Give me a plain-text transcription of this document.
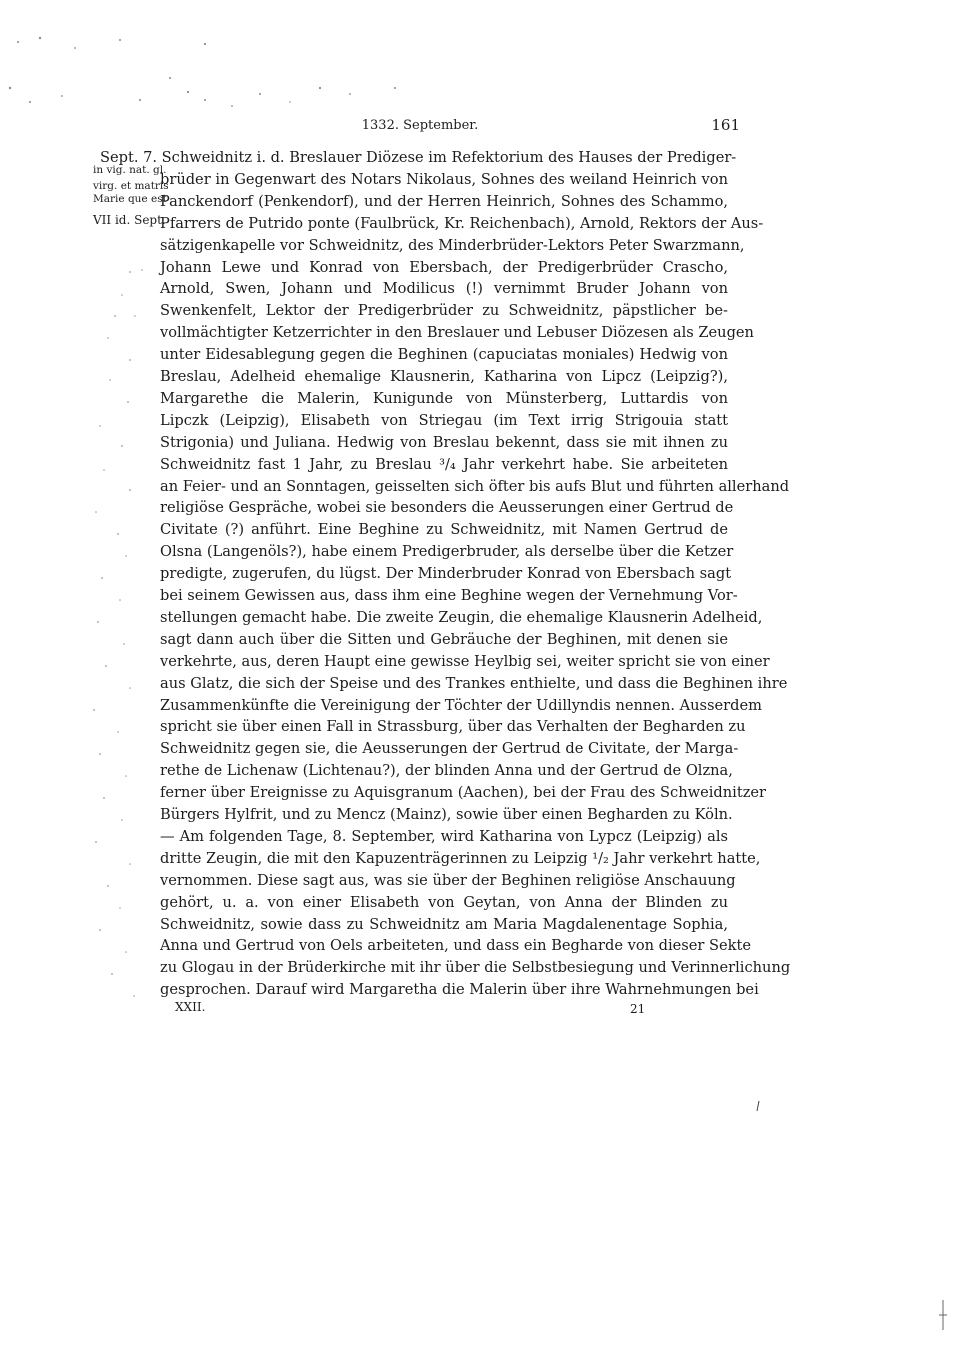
1332. September.	161
in vig. nat. gl.
virg. et matris
Marie que est
VII id. Sept.
Sept. 7. Schweidnitz i. d. Breslauer Diözese im Refektorium des Hauses der Prediger-
brüder in Gegenwart des Notars Nikolaus, Sohnes des weiland Heinrich von
Panckendorf (Penkendorf), und der Herren Heinrich, Sohnes des Schammo,
Pfarrers de Putrido ponte (Faulbrück, Kr. Reichenbach), Arnold, Rektors der Aus-
sätzigenkapelle vor Schweidnitz, des Minderbrüder-Lektors Peter Swarzmann,
Johann Lewe und Konrad von Ebersbach, der Predigerbrüder Crascho,
Arnold, Swen, Johann und Modilicus (!) vernimmt Bruder Johann von
Swenkenfelt, Lektor der Predigerbrüder zu Schweidnitz, päpstlicher be-
vollmächtigter Ketzerrichter in den Breslauer und Lebuser Diözesen als Zeugen
unter Eidesablegung gegen die Beghinen (capuciatas moniales) Hedwig von
Breslau, Adelheid ehemalige Klausnerin, Katharina von Lipcz (Leipzig?),
Margarethe die Malerin, Kunigunde von Münsterberg, Luttardis von
Lipczk (Leipzig), Elisabeth von Striegau (im Text irrig Strigouia statt
Strigonia) und Juliana. Hedwig von Breslau bekennt, dass sie mit ihnen zu
Schweidnitz fast 1 Jahr, zu Breslau ³/₄ Jahr verkehrt habe. Sie arbeiteten
an Feier- und an Sonntagen, geisselten sich öfter bis aufs Blut und führten allerhand
religiöse Gespräche, wobei sie besonders die Aeusserungen einer Gertrud de
Civitate (?) anführt. Eine Beghine zu Schweidnitz, mit Namen Gertrud de
Olsna (Langenöls?), habe einem Predigerbruder, als derselbe über die Ketzer
predigte, zugerufen, du lügst. Der Minderbruder Konrad von Ebersbach sagt
bei seinem Gewissen aus, dass ihm eine Beghine wegen der Vernehmung Vor-
stellungen gemacht habe. Die zweite Zeugin, die ehemalige Klausnerin Adelheid,
sagt dann auch über die Sitten und Gebräuche der Beghinen, mit denen sie
verkehrte, aus, deren Haupt eine gewisse Heylbig sei, weiter spricht sie von einer
aus Glatz, die sich der Speise und des Trankes enthielte, und dass die Beghinen ihre
Zusammenkünfte die Vereinigung der Töchter der Udillyndis nennen. Ausserdem
spricht sie über einen Fall in Strassburg, über das Verhalten der Begharden zu
Schweidnitz gegen sie, die Aeusserungen der Gertrud de Civitate, der Marga-
rethe de Lichenaw (Lichtenau?), der blinden Anna und der Gertrud de Olzna,
ferner über Ereignisse zu Aquisgranum (Aachen), bei der Frau des Schweidnitzer
Bürgers Hylfrit, und zu Mencz (Mainz), sowie über einen Begharden zu Köln.
— Am folgenden Tage, 8. September, wird Katharina von Lypcz (Leipzig) als
dritte Zeugin, die mit den Kapuzenträgerinnen zu Leipzig ¹/₂ Jahr verkehrt hatte,
vernommen. Diese sagt aus, was sie über der Beghinen religiöse Anschauung
gehört, u. a. von einer Elisabeth von Geytan, von Anna der Blinden zu
Schweidnitz, sowie dass zu Schweidnitz am Maria Magdalenentage Sophia,
Anna und Gertrud von Oels arbeiteten, und dass ein Begharde von dieser Sekte
zu Glogau in der Brüderkirche mit ihr über die Selbstbesiegung und Verinnerlichung
gesprochen. Darauf wird Margaretha die Malerin über ihre Wahrnehmungen bei
XXII.	21
